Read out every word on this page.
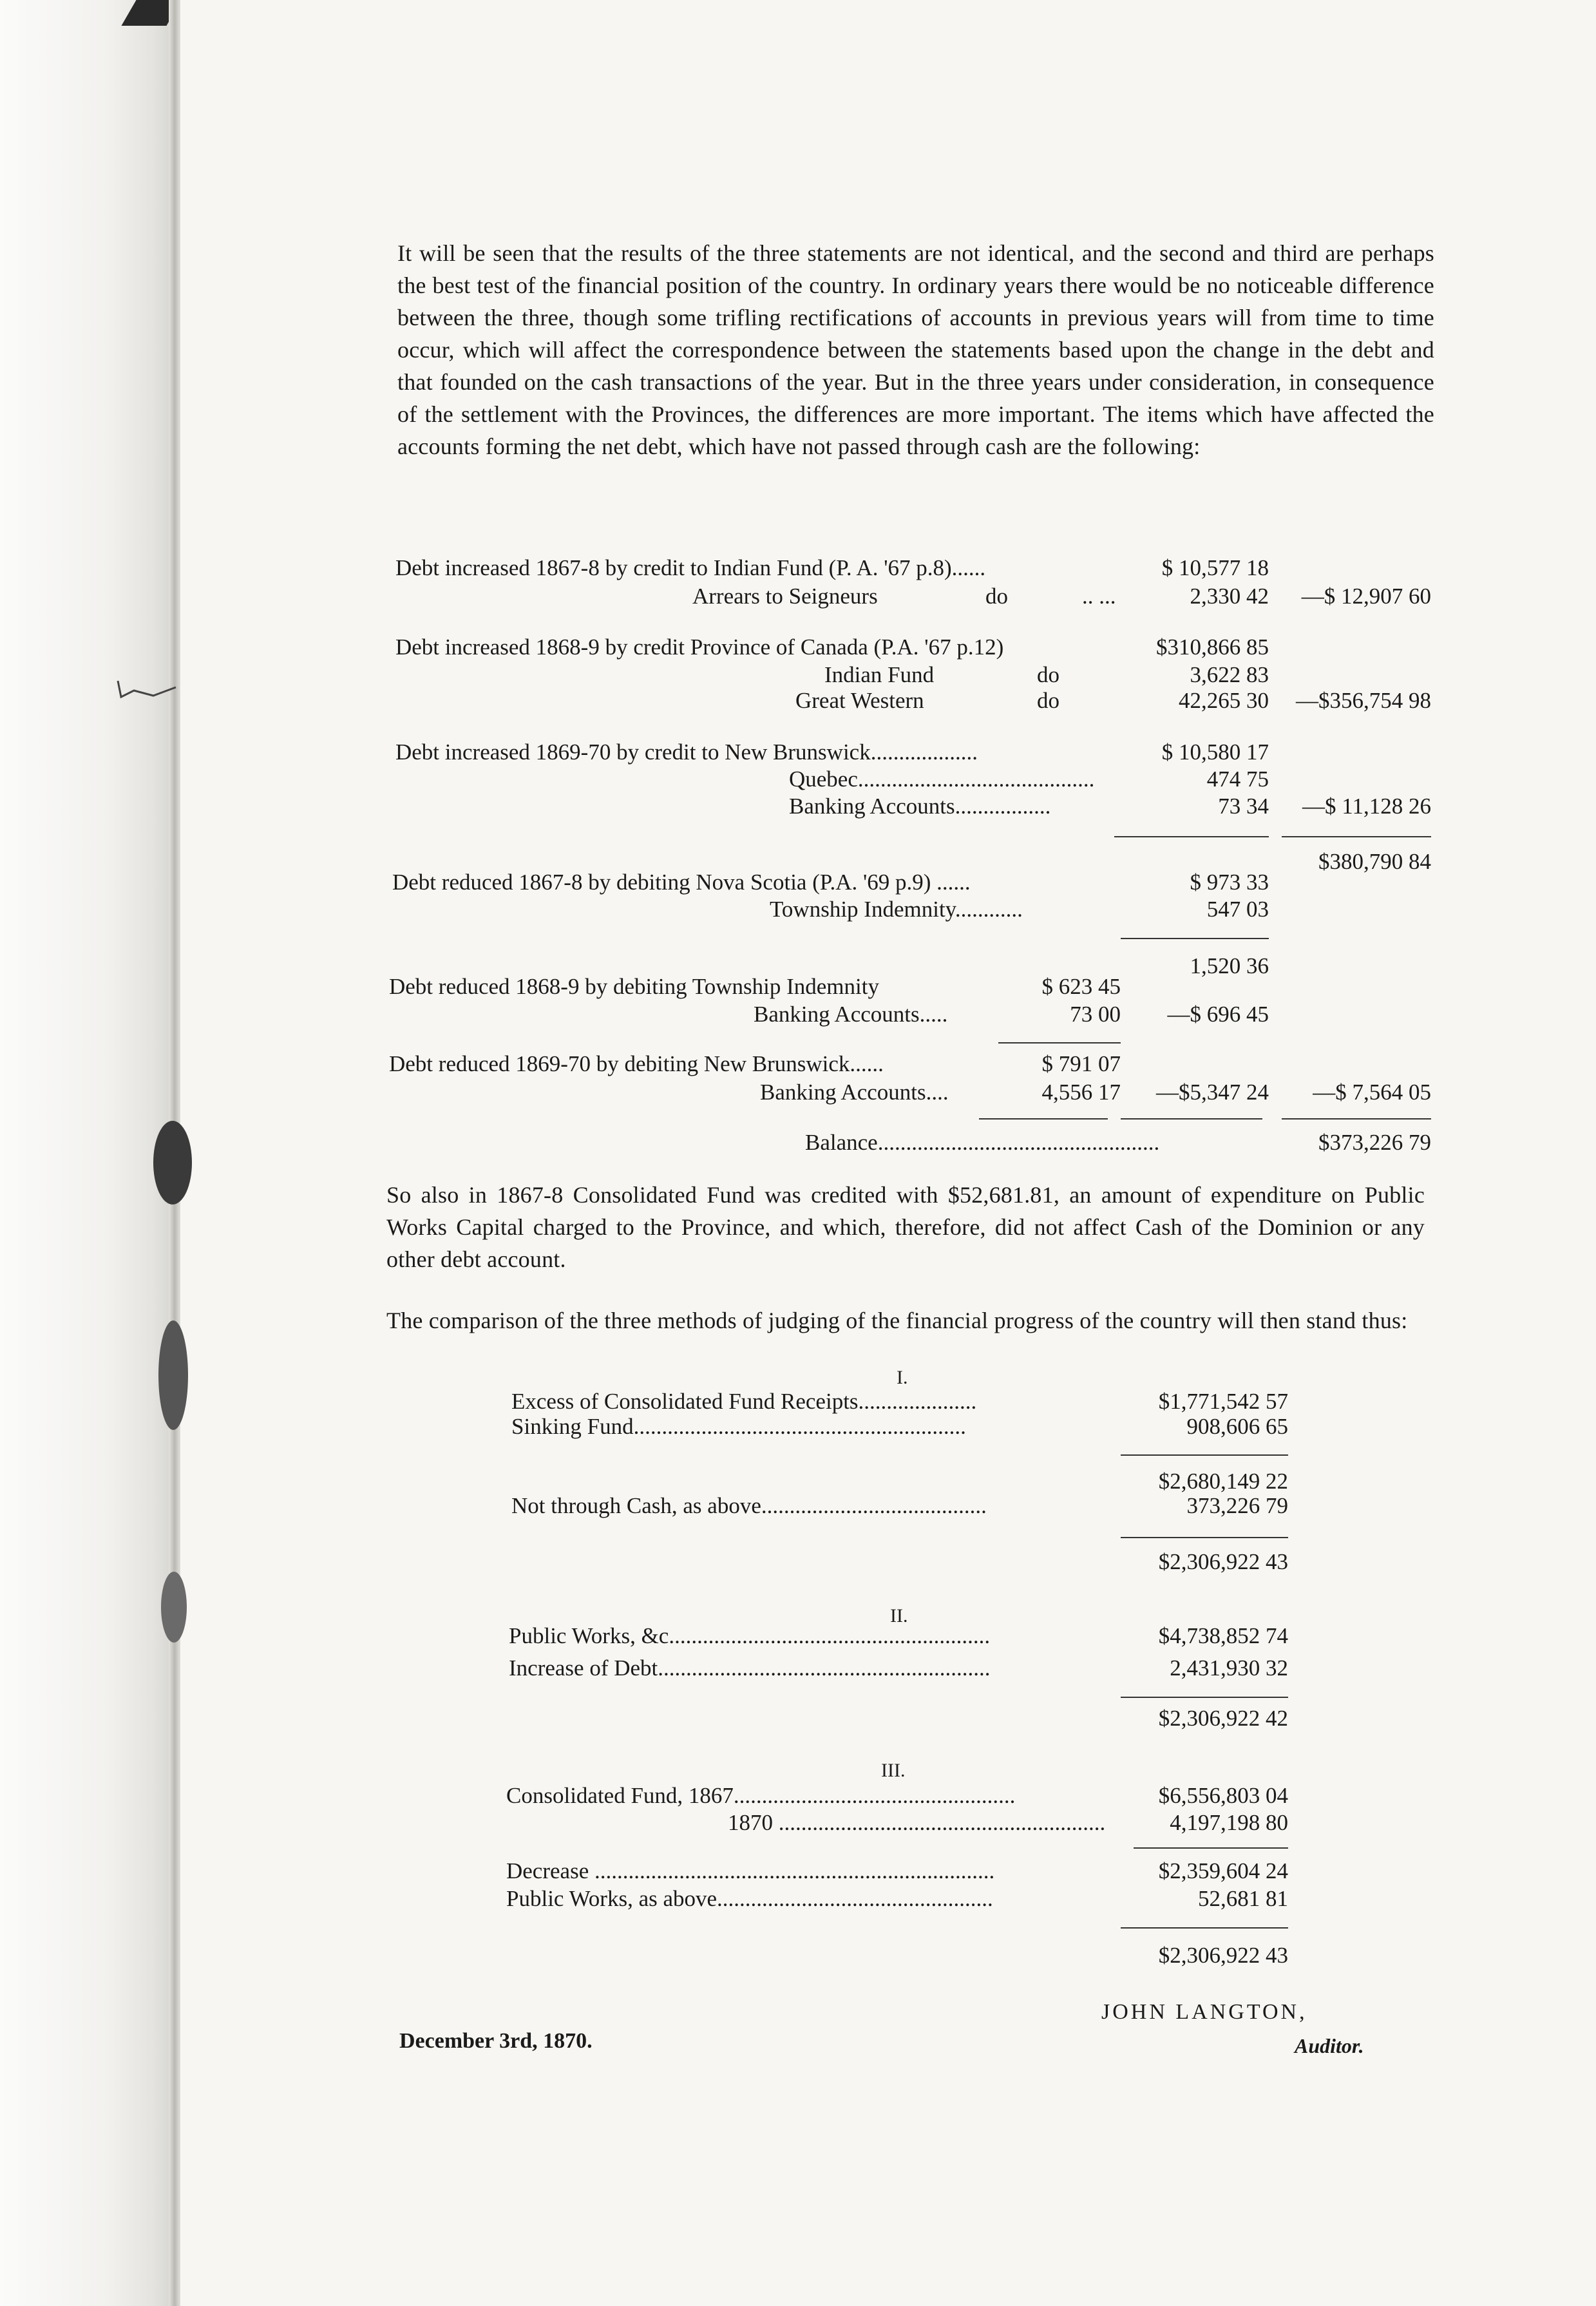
It will be seen that the results of the three statements are not identical, and the second and third are perhaps the best test of the financial position of the country. In ordinary years there would be no noticeable difference between the three, though some trifling rectifications of accounts in previous years will from time to time occur, which will affect the correspondence between the statements based upon the change in the debt and that founded on the cash transactions of the year. But in the three years under consideration, in consequence of the settlement with the Provinces, the differences are more important. The items which have affected the accounts forming the net debt, which have not passed through cash are the following:
Debt increased 1867-8 by credit to Indian Fund (P. A. '67 p.8)......	$ 10,577 18
Arrears to Seigneurs	do	.. ...	2,330 42	—$ 12,907 60
Debt increased 1868-9 by credit Province of Canada (P.A. '67 p.12)	$310,866 85
Indian Fund	do	3,622 83
Great Western	do	42,265 30	—$356,754 98
Debt increased 1869-70 by credit to New Brunswick...................	$ 10,580 17
Quebec..........................................	474 75
Banking Accounts.................	73 34	—$ 11,128 26
$380,790 84
Debt reduced 1867-8 by debiting Nova Scotia (P.A. '69 p.9) ......	$ 973 33
Township Indemnity............	547 03
1,520 36
Debt reduced 1868-9 by debiting Township Indemnity	$ 623 45
Banking Accounts.....	73 00	—$ 696 45
Debt reduced 1869-70 by debiting New Brunswick......	$ 791 07
Banking Accounts....	4,556 17	—$5,347 24	—$ 7,564 05
Balance..................................................	$373,226 79
So also in 1867-8 Consolidated Fund was credited with $52,681.81, an amount of expenditure on Public Works Capital charged to the Province, and which, therefore, did not affect Cash of the Dominion or any other debt account.
The comparison of the three methods of judging of the financial progress of the country will then stand thus:
I.
Excess of Consolidated Fund Receipts.....................	$1,771,542 57
Sinking Fund...........................................................	908,606 65
$2,680,149 22
Not through Cash, as above........................................	373,226 79
$2,306,922 43
II.
Public Works, &c.........................................................	$4,738,852 74
Increase of Debt...........................................................	2,431,930 32
$2,306,922 42
III.
Consolidated Fund, 1867..................................................	$6,556,803 04
1870 ..........................................................	4,197,198 80
Decrease .......................................................................	$2,359,604 24
Public Works, as above.................................................	52,681 81
$2,306,922 43
December 3rd, 1870.
JOHN LANGTON,
Auditor.
